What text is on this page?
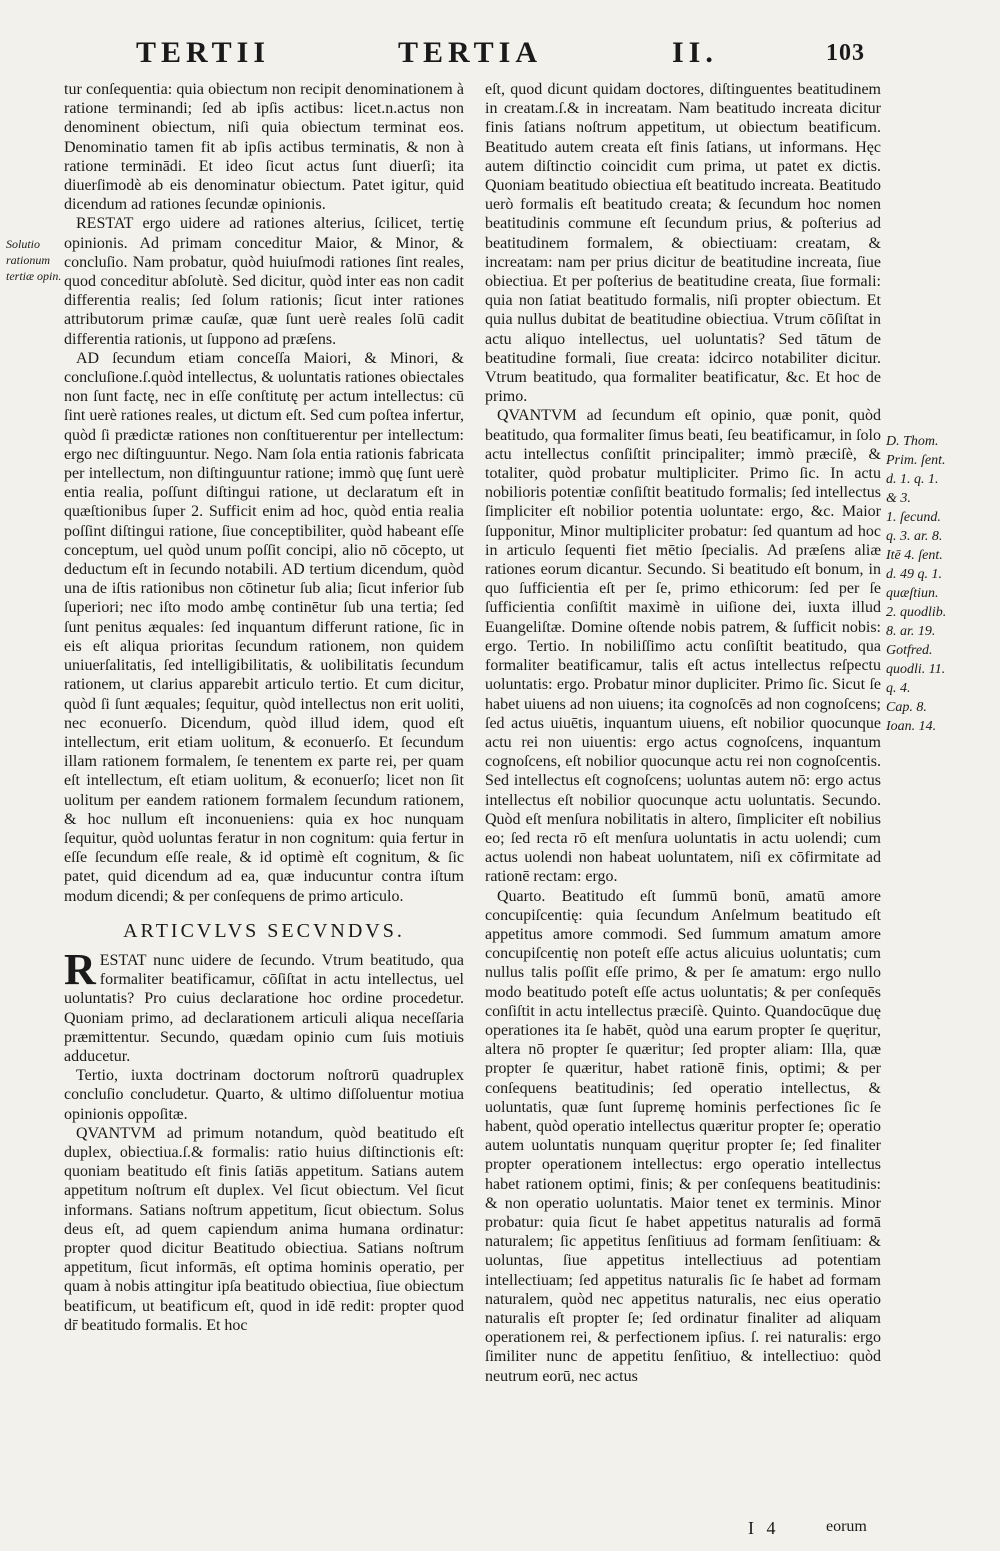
TERTII	TERTIA	II.	103
Solutio rationum tertiæ opin.

tur conſequentia: quia obiectum non recipit denominationem à ratione terminandi; ſed ab ipſis actibus: licet.n.actus non denominent obiectum, niſi quia obiectum terminat eos. Denominatio tamen fit ab ipſis actibus terminatis, & non à ratione terminādi. Et ideo ſicut actus ſunt diuerſi; ita diuerſimodè ab eis denominatur obiectum. Patet igitur, quid dicendum ad rationes ſecundæ opinionis.

RESTAT ergo uidere ad rationes alterius, ſcilicet, tertię opinionis. Ad primam conceditur Maior, & Minor, & concluſio. Nam probatur, quòd huiuſmodi rationes ſint reales, quod conceditur abſolutè. Sed dicitur, quòd inter eas non cadit differentia realis; ſed ſolum rationis; ſicut inter rationes attributorum primæ cauſæ, quæ ſunt uerè reales ſolū cadit differentia rationis, ut ſuppono ad præſens.

AD ſecundum etiam conceſſa Maiori, & Minori, & concluſione.ſ.quòd intellectus, & uoluntatis rationes obiectales non ſunt factę, nec in eſſe conſtitutę per actum intellectus: cū ſint uerè rationes reales, ut dictum eſt. Sed cum poſtea infertur, quòd ſi prædictæ rationes non conſtituerentur per intellectum: ergo nec diſtinguuntur. Nego. Nam ſola entia rationis fabricata per intellectum, non diſtinguuntur ratione; immò quę ſunt uerè entia realia, poſſunt diſtingui ratione, ut declaratum eſt in quæſtionibus ſuper 2. Sufficit enim ad hoc, quòd entia realia poſſint diſtingui ratione, ſiue conceptibiliter, quòd habeant eſſe conceptum, uel quòd unum poſſit concipi, alio nō cōcepto, ut deductum eſt in ſecundo notabili. AD tertium dicendum, quòd una de iſtis rationibus non cōtinetur ſub alia; ſicut inferior ſub ſuperiori; nec iſto modo ambę continētur ſub una tertia; ſed ſunt penitus æquales: ſed inquantum differunt ratione, ſic in eis eſt aliqua prioritas ſecundum rationem, non quidem uniuerſalitatis, ſed intelligibilitatis, & uolibilitatis ſecundum rationem, ut clarius apparebit articulo tertio. Et cum dicitur, quòd ſi ſunt æquales; ſequitur, quòd intellectus non erit uoliti, nec econuerſo. Dicendum, quòd illud idem, quod eſt intellectum, erit etiam uolitum, & econuerſo. Et ſecundum illam rationem formalem, ſe tenentem ex parte rei, per quam eſt intellectum, eſt etiam uolitum, & econuerſo; licet non ſit uolitum per eandem rationem formalem ſecundum rationem, & hoc nullum eſt inconueniens: quia ex hoc nunquam ſequitur, quòd uoluntas feratur in non cognitum: quia fertur in eſſe ſecundum eſſe reale, & id optimè eſt cognitum, & ſic patet, quid dicendum ad ea, quæ inducuntur contra iſtum modum dicendi; & per conſequens de primo articulo.

ARTICVLVS SECVNDVS.

RESTAT nunc uidere de ſecundo. Vtrum beatitudo, qua formaliter beatificamur, cōſiſtat in actu intellectus, uel uoluntatis? Pro cuius declaratione hoc ordine procedetur. Quoniam primo, ad declarationem articuli aliqua neceſſaria præmittentur. Secundo, quædam opinio cum ſuis motiuis adducetur.

Tertio, iuxta doctrinam doctorum noſtrorū quadruplex concluſio concludetur. Quarto, & ultimo diſſoluentur motiua opinionis oppoſitæ.

QVANTVM ad primum notandum, quòd beatitudo eſt duplex, obiectiua.ſ.& formalis: ratio huius diſtinctionis eſt: quoniam beatitudo eſt finis ſatiās appetitum. Satians autem appetitum noſtrum eſt duplex. Vel ſicut obiectum. Vel ſicut informans. Satians noſtrum appetitum, ſicut obiectum. Solus deus eſt, ad quem capiendum anima humana ordinatur: propter quod dicitur Beatitudo obiectiua. Satians noſtrum appetitum, ſicut informās, eſt optima hominis operatio, per quam à nobis attingitur ipſa beatitudo obiectiua, ſiue obiectum beatificum, ut beatificum eſt, quod in idē redit: propter quod dr̄ beatitudo formalis. Et hoc

eſt, quod dicunt quidam doctores, diſtinguentes beatitudinem in creatam.ſ.& in increatam. Nam beatitudo increata dicitur finis ſatians noſtrum appetitum, ut obiectum beatificum. Beatitudo autem creata eſt finis ſatians, ut informans. Hęc autem diſtinctio coincidit cum prima, ut patet ex dictis. Quoniam beatitudo obiectiua eſt beatitudo increata. Beatitudo uerò formalis eſt beatitudo creata; & ſecundum hoc nomen beatitudinis commune eſt ſecundum prius, & poſterius ad beatitudinem formalem, & obiectiuam: creatam, & increatam: nam per prius dicitur de beatitudine increata, ſiue obiectiua. Et per poſterius de beatitudine creata, ſiue formali: quia non ſatiat beatitudo formalis, niſi propter obiectum. Et quia nullus dubitat de beatitudine obiectiua. Vtrum cōſiſtat in actu aliquo intellectus, uel uoluntatis? Sed tātum de beatitudine formali, ſiue creata: idcirco notabiliter dicitur. Vtrum beatitudo, qua formaliter beatificatur, &c. Et hoc de primo.

QVANTVM ad ſecundum eſt opinio, quæ ponit, quòd beatitudo, qua formaliter ſimus beati, ſeu beatificamur, in ſolo actu intellectus conſiſtit principaliter; immò præciſè, & totaliter, quòd probatur multipliciter. Primo ſic. In actu nobilioris potentiæ conſiſtit beatitudo formalis; ſed intellectus ſimpliciter eſt nobilior potentia uoluntate: ergo, &c. Maior ſupponitur, Minor multipliciter probatur: ſed quantum ad hoc in articulo ſequenti fiet mētio ſpecialis. Ad præſens aliæ rationes eorum dicantur. Secundo. Si beatitudo eſt bonum, in quo ſufficientia eſt per ſe, primo ethicorum: ſed per ſe ſufficientia conſiſtit maximè in uiſione dei, iuxta illud Euangeliſtæ. Domine oſtende nobis patrem, & ſufficit nobis: ergo. Tertio. In nobiliſſimo actu conſiſtit beatitudo, qua formaliter beatificamur, talis eſt actus intellectus reſpectu uoluntatis: ergo. Probatur minor dupliciter. Primo ſic. Sicut ſe habet uiuens ad non uiuens; ita cognoſcēs ad non cognoſcens; ſed actus uiuētis, inquantum uiuens, eſt nobilior quocunque actu rei non uiuentis: ergo actus cognoſcens, inquantum cognoſcens, eſt nobilior quocunque actu rei non cognoſcentis. Sed intellectus eſt cognoſcens; uoluntas autem nō: ergo actus intellectus eſt nobilior quocunque actu uoluntatis. Secundo. Quòd eſt menſura nobilitatis in altero, ſimpliciter eſt nobilius eo; ſed recta rō eſt menſura uoluntatis in actu uolendi; cum actus uolendi non habeat uoluntatem, niſi ex cōfirmitate ad rationē rectam: ergo.

Quarto. Beatitudo eſt ſummū bonū, amatū amore concupiſcentię: quia ſecundum Anſelmum beatitudo eſt appetitus amore commodi. Sed ſummum amatum amore concupiſcentię non poteſt eſſe actus alicuius uoluntatis; cum nullus talis poſſit eſſe primo, & per ſe amatum: ergo nullo modo beatitudo poteſt eſſe actus uoluntatis; & per conſequēs conſiſtit in actu intellectus præciſè. Quinto. Quandocūque duę operationes ita ſe habēt, quòd una earum propter ſe quęritur, altera nō propter ſe quæritur; ſed propter aliam: Illa, quæ propter ſe quæritur, habet rationē finis, optimi; & per conſequens beatitudinis; ſed operatio intellectus, & uoluntatis, quæ ſunt ſupremę hominis perfectiones ſic ſe habent, quòd operatio intellectus quæritur propter ſe; operatio autem uoluntatis nunquam quęritur propter ſe; ſed finaliter propter operationem intellectus: ergo operatio intellectus habet rationem optimi, finis; & per conſequens beatitudinis: & non operatio uoluntatis. Maior tenet ex terminis. Minor probatur: quia ſicut ſe habet appetitus naturalis ad formā naturalem; ſic appetitus ſenſitiuus ad formam ſenſitiuam: & uoluntas, ſiue appetitus intellectiuus ad potentiam intellectiuam; ſed appetitus naturalis ſic ſe habet ad formam naturalem, quòd nec appetitus naturalis, nec eius operatio naturalis eſt propter ſe; ſed ordinatur finaliter ad aliquam operationem rei, & perfectionem ipſius. ſ. rei naturalis: ergo ſimiliter nunc de appetitu ſenſitiuo, & intellectiuo: quòd neutrum eorū, nec actus

D. Thom.
Prim. ſent.
d. 1. q. 1.
& 3.
1. ſecund.
q. 3. ar. 8.
Itē 4. ſent.
d. 49 q. 1.
quæſtiun.
2. quodlib.
8. ar. 19.
Gotfred.
quodli. 11.
q. 4.
Cap. 8.
Ioan. 14.
I 4	eorum
